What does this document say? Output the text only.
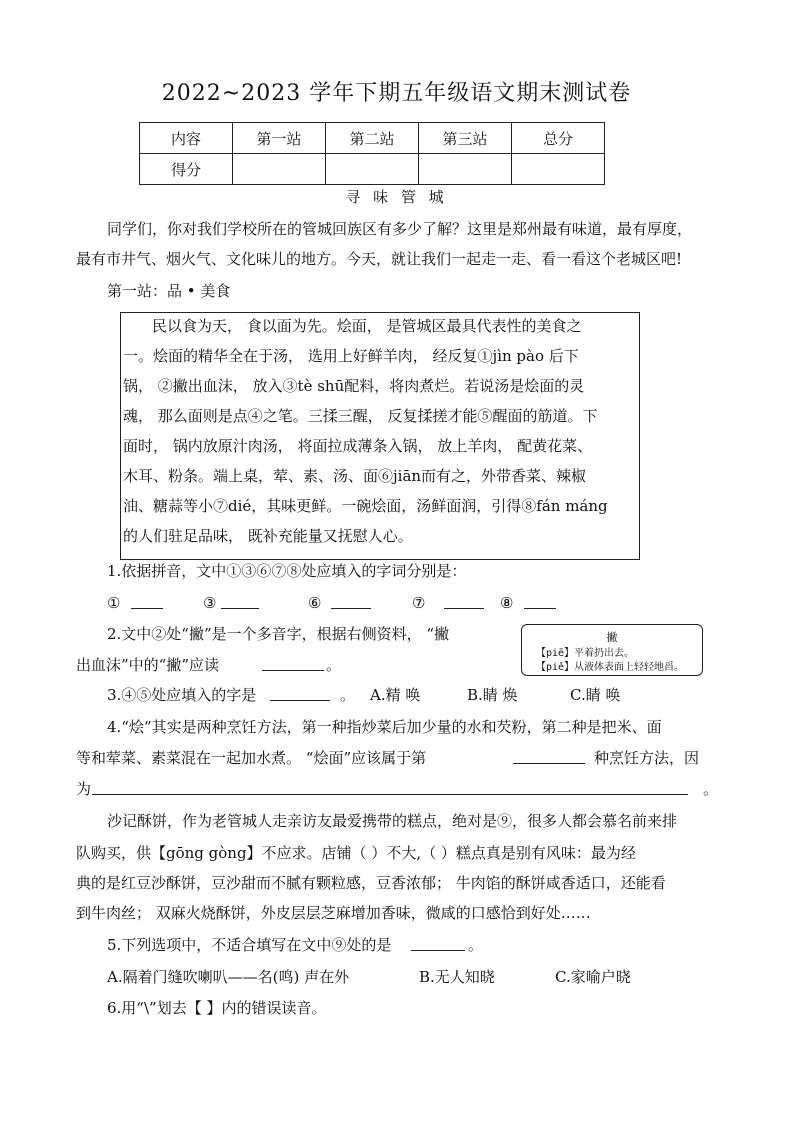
2022~2023 学年下期五年级语文期末测试卷
内容	第一站	第二站	第三站	总分
得分				
寻 味 管 城
同学们，你对我们学校所在的管城回族区有多少了解？这里是郑州最有味道，最有厚度，
最有市井气、烟火气、文化味儿的地方。今天，就让我们一起走一走、看一看这个老城区吧!
第一站：品 • 美食
民以食为天， 食以面为先。烩面， 是管城区最具代表性的美食之
一。烩面的精华全在于汤， 选用上好鲜羊肉， 经反复①jìn pào 后下
锅， ②撇出血沫， 放入③tè shū配料，将肉煮烂。若说汤是烩面的灵
魂， 那么面则是点④之笔。三揉三醒， 反复揉搓才能⑤醒面的筋道。下
面时， 锅内放原汁肉汤， 将面拉成薄条入锅， 放上羊肉， 配黄花菜、
木耳、粉条。端上桌，荤、素、汤、面⑥jiān而有之，外带香菜、辣椒
油、糖蒜等小⑦dié，其味更鲜。一碗烩面，汤鲜面润，引得⑧fán máng
的人们驻足品味， 既补充能量又抚慰人心。
1.依据拼音，文中①③⑥⑦⑧处应填入的字词分别是：
①	③	⑥	⑦	⑧
2.文中②处“撇”是一个多音字，根据右侧资料， “撇
出血沫”中的“撇”应读	。
撇
【piē】平着扔出去。
【piě】从液体表面上轻轻地舀。
3.④⑤处应填入的字是	。 A.精 唤	B.睛 焕	C.睛 唤
4.“烩”其实是两种烹饪方法，第一种指炒菜后加少量的水和芡粉，第二种是把米、面
等和荤菜、素菜混在一起加水煮。 “烩面”应该属于第	种烹饪方法，因
为	。
沙记酥饼，作为老管城人走亲访友最爱携带的糕点，绝对是⑨，很多人都会慕名前来排
队购买，供【gōng gòng】不应求。店铺（ ）不大,（ ）糕点真是别有风味：最为经
典的是红豆沙酥饼，豆沙甜而不腻有颗粒感，豆香浓郁； 牛肉馅的酥饼咸香适口，还能看
到牛肉丝； 双麻火烧酥饼，外皮层层芝麻增加香味，微咸的口感恰到好处……
5.下列选项中，不适合填写在文中⑨处的是	。
A.隔着门缝吹喇叭——名(鸣) 声在外	B.无人知晓	C.家喻户晓
6.用“\”划去【 】内的错误读音。
